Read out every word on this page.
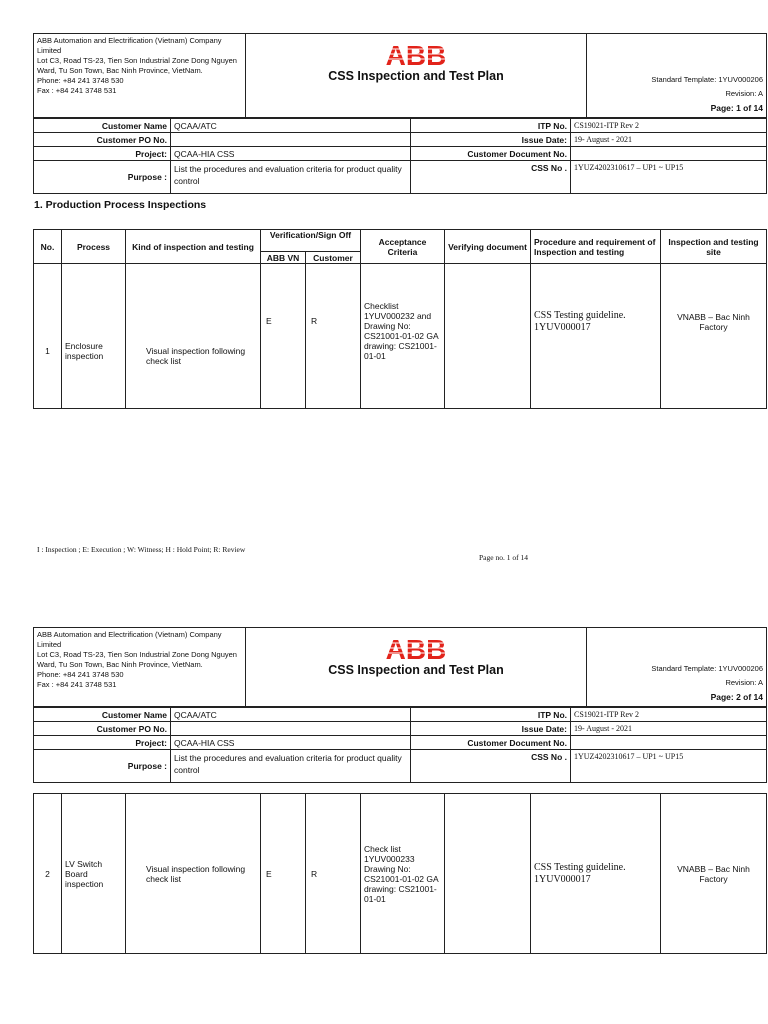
ABB Automation and Electrification (Vietnam) Company Limited
Lot C3, Road TS-23, Tien Son Industrial Zone Dong Nguyen Ward, Tu Son Town, Bac Ninh Province, VietNam.
Phone: +84 241 3748 530
Fax : +84 241 3748 531

ABB
CSS Inspection and Test Plan	Standard Template: 1YUV000206
Revision: A
Page: 1 of 14
Customer Name	QCAA/ATC	ITP No.	CS19021-ITP Rev 2
Customer PO No.		Issue Date:	19- August - 2021
Project:	QCAA-HIA CSS	Customer Document No.	
Purpose :	List the procedures and evaluation criteria for product quality control	CSS No .	1YUZ4202310617 – UP1 ~ UP15
1. Production Process Inspections
No.	Process	Kind of inspection and testing	Verification/Sign Off		Acceptance Criteria	Verifying document	Procedure and requirement of Inspection and testing	Inspection and testing site
			ABB VN	Customer				
1	Enclosure inspection	Visual inspection following check list	E	R	Checklist 1YUV000232 and Drawing No: CS21001-01-02 GA drawing: CS21001-01-01		CSS Testing guideline. 1YUV000017	VNABB – Bac Ninh Factory
I : Inspection ; E: Execution ; W: Witness; H : Hold Point; R: Review
Page no. 1 of 14
ABB Automation and Electrification (Vietnam) Company Limited
Lot C3, Road TS-23, Tien Son Industrial Zone Dong Nguyen Ward, Tu Son Town, Bac Ninh Province, VietNam.
Phone: +84 241 3748 530
Fax : +84 241 3748 531

ABB
CSS Inspection and Test Plan	Standard Template: 1YUV000206
Revision: A
Page: 2 of 14
Customer Name	QCAA/ATC	ITP No.	CS19021-ITP Rev 2
Customer PO No.		Issue Date:	19- August - 2021
Project:	QCAA-HIA CSS	Customer Document No.	
Purpose :	List the procedures and evaluation criteria for product quality control	CSS No .	1YUZ4202310617 – UP1 ~ UP15
2	LV Switch Board inspection	Visual inspection following check list	E	R	Check list 1YUV000233 Drawing No: CS21001-01-02 GA drawing: CS21001-01-01		CSS Testing guideline. 1YUV000017	VNABB – Bac Ninh Factory
